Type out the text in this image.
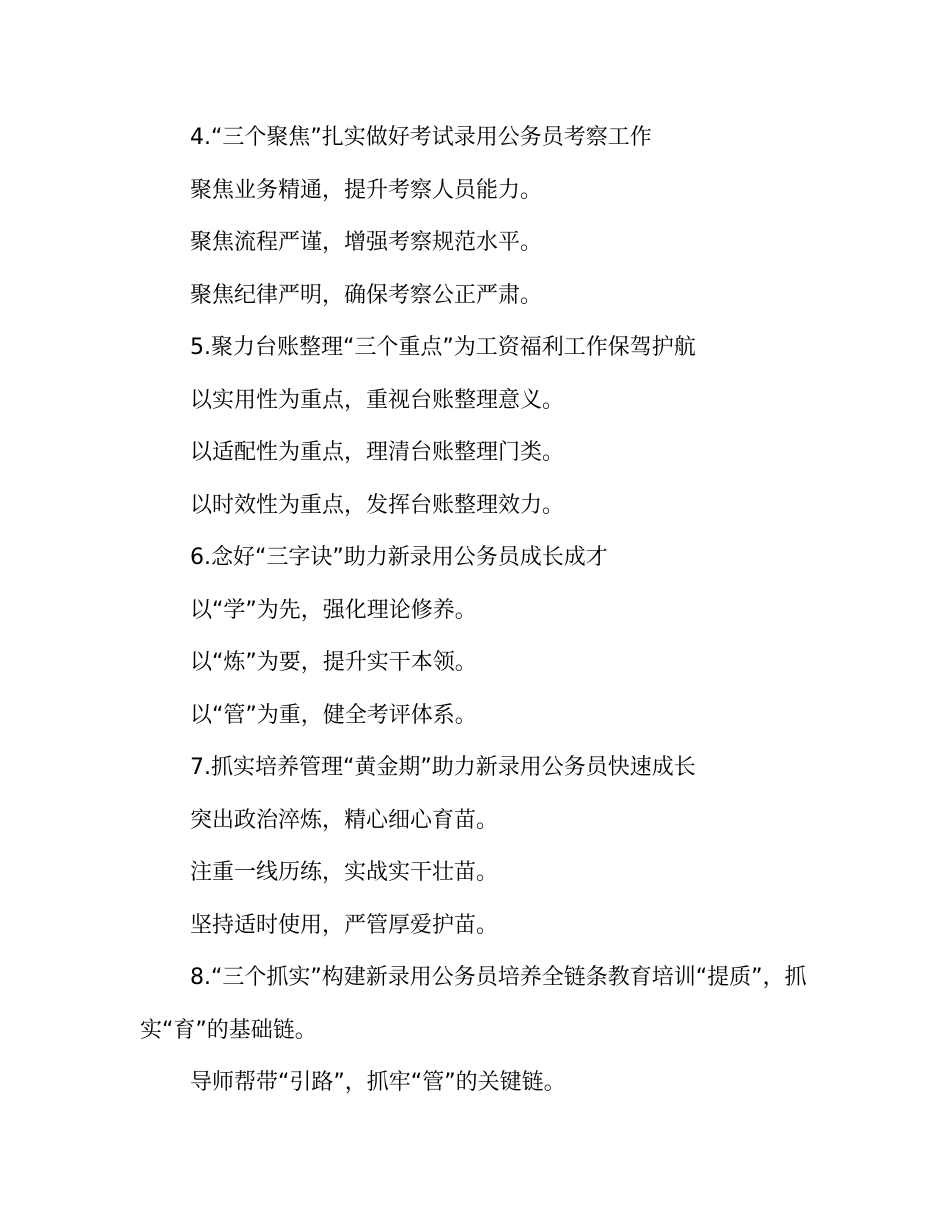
4.“三个聚焦”扎实做好考试录用公务员考察工作

聚焦业务精通，提升考察人员能力。

聚焦流程严谨，增强考察规范水平。

聚焦纪律严明，确保考察公正严肃。

5.聚力台账整理“三个重点”为工资福利工作保驾护航

以实用性为重点，重视台账整理意义。

以适配性为重点，理清台账整理门类。

以时效性为重点，发挥台账整理效力。

6.念好“三字诀”助力新录用公务员成长成才

以“学”为先，强化理论修养。

以“炼”为要，提升实干本领。

以“管”为重，健全考评体系。

7.抓实培养管理“黄金期”助力新录用公务员快速成长

突出政治淬炼，精心细心育苗。

注重一线历练，实战实干壮苗。

坚持适时使用，严管厚爱护苗。

8.“三个抓实”构建新录用公务员培养全链条教育培训“提质”，抓实“育”的基础链。

导师帮带“引路”，抓牢“管”的关键链。
